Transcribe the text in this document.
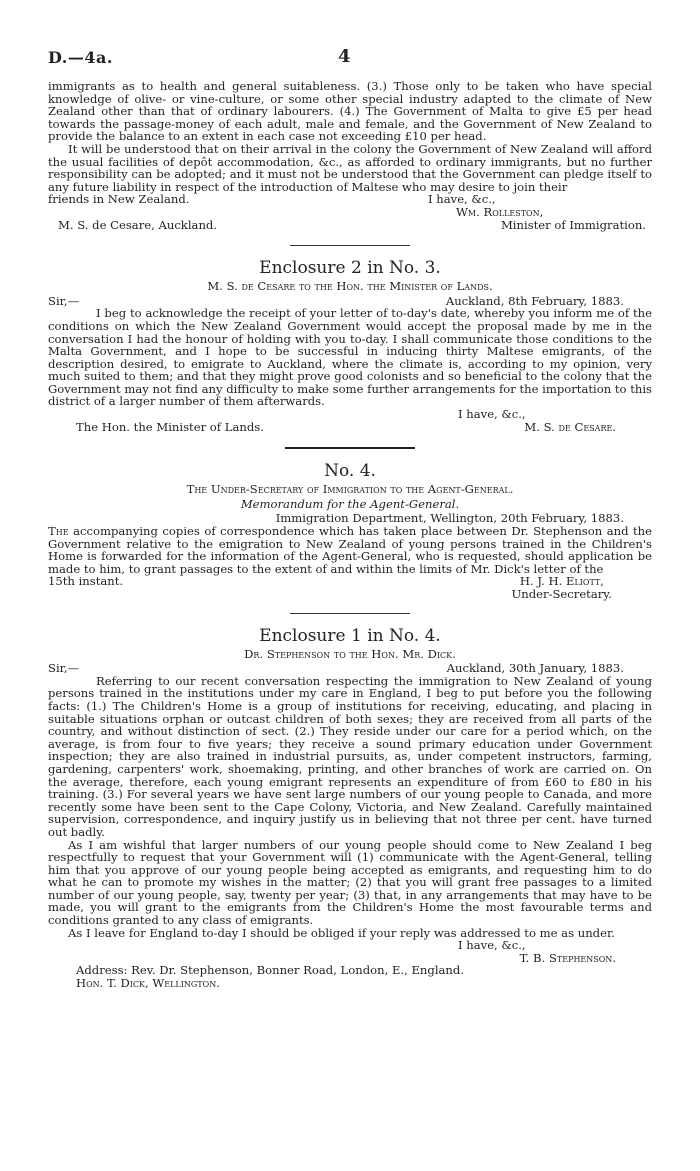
D.—4a.	4

immigrants as to health and general suitableness. (3.) Those only to be taken who have special knowledge of olive- or vine-culture, or some other special industry adapted to the climate of New Zealand other than that of ordinary labourers. (4.) The Government of Malta to give £5 per head towards the passage-money of each adult, male and female, and the Government of New Zealand to provide the balance to an extent in each case not exceeding £10 per head.

It will be understood that on their arrival in the colony the Government of New Zealand will afford the usual facilities of depôt accommodation, &c., as afforded to ordinary immigrants, but no further responsibility can be adopted; and it must not be understood that the Government can pledge itself to any future liability in respect of the introduction of Maltese who may desire to join their

friends in New Zealand.	I have, &c.,
Wm. Rolleston,
M. S. de Cesare, Auckland.	Minister of Immigration.
Enclosure 2 in No. 3.
M. S. de Cesare to the Hon. the Minister of Lands.
Sir,—	Auckland, 8th February, 1883.

I beg to acknowledge the receipt of your letter of to-day's date, whereby you inform me of the conditions on which the New Zealand Government would accept the proposal made by me in the conversation I had the honour of holding with you to-day. I shall communicate those conditions to the Malta Government, and I hope to be successful in inducing thirty Maltese emigrants, of the description desired, to emigrate to Auckland, where the climate is, according to my opinion, very much suited to them; and that they might prove good colonists and so beneficial to the colony that the Government may not find any difficulty to make some further arrangements for the importation to this district of a larger number of them afterwards.

I have, &c.,
The Hon. the Minister of Lands.	M. S. de Cesare.
No. 4.
The Under-Secretary of Immigration to the Agent-General.
Memorandum for the Agent-General.
Immigration Department, Wellington, 20th February, 1883.

The accompanying copies of correspondence which has taken place between Dr. Stephenson and the Government relative to the emigration to New Zealand of young persons trained in the Children's Home is forwarded for the information of the Agent-General, who is requested, should application be made to him, to grant passages to the extent of and within the limits of Mr. Dick's letter of the

15th instant.	H. J. H. Eliott,
Under-Secretary.
Enclosure 1 in No. 4.
Dr. Stephenson to the Hon. Mr. Dick.
Sir,—	Auckland, 30th January, 1883.

Referring to our recent conversation respecting the immigration to New Zealand of young persons trained in the institutions under my care in England, I beg to put before you the following facts: (1.) The Children's Home is a group of institutions for receiving, educating, and placing in suitable situations orphan or outcast children of both sexes; they are received from all parts of the country, and without distinction of sect. (2.) They reside under our care for a period which, on the average, is from four to five years; they receive a sound primary education under Government inspection; they are also trained in industrial pursuits, as, under competent instructors, farming, gardening, carpenters' work, shoemaking, printing, and other branches of work are carried on. On the average, therefore, each young emigrant represents an expenditure of from £60 to £80 in his training. (3.) For several years we have sent large numbers of our young people to Canada, and more recently some have been sent to the Cape Colony, Victoria, and New Zealand. Carefully maintained supervision, correspondence, and inquiry justify us in believing that not three per cent. have turned out badly.

As I am wishful that larger numbers of our young people should come to New Zealand I beg respectfully to request that your Government will (1) communicate with the Agent-General, telling him that you approve of our young people being accepted as emigrants, and requesting him to do what he can to promote my wishes in the matter; (2) that you will grant free passages to a limited number of our young people, say, twenty per year; (3) that, in any arrangements that may have to be made, you will grant to the emigrants from the Children's Home the most favourable terms and conditions granted to any class of emigrants.

As I leave for England to-day I should be obliged if your reply was addressed to me as under.

I have, &c.,
T. B. Stephenson.
Address: Rev. Dr. Stephenson, Bonner Road, London, E., England.
Hon. T. Dick, Wellington.
